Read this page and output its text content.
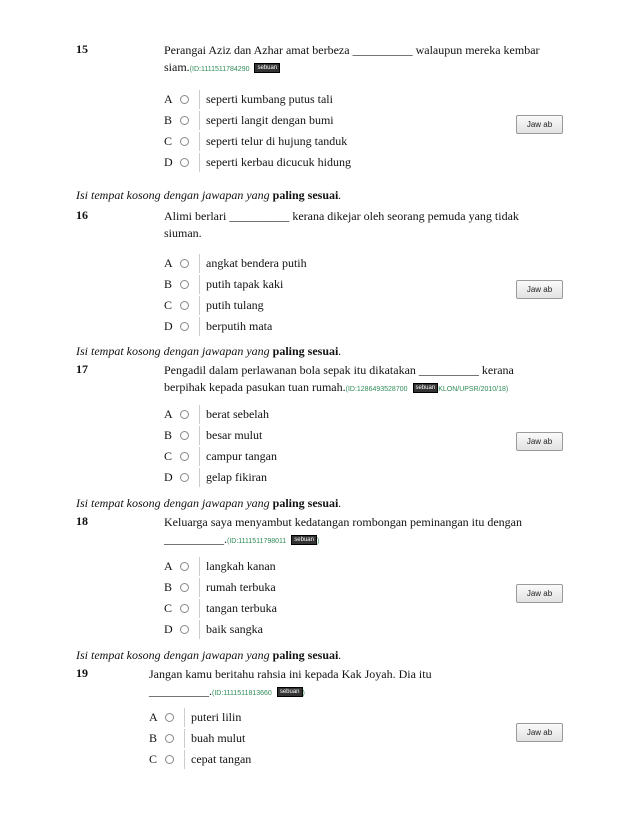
15	Perangai Aziz dan Azhar amat berbeza __________ walaupun mereka kembar
siam.(ID:1111511784290 sebuan
A	seperti kumbang putus tali
B	seperti langit dengan bumi
C	seperti telur di hujung tanduk
D	seperti kerbau dicucuk hidung
Jaw ab
Isi tempat kosong dengan jawapan yang paling sesuai.
16	Alimi berlari __________ kerana dikejar oleh seorang pemuda yang tidak
siuman.
A	angkat bendera putih
B	putih tapak kaki
C	putih tulang
D	berputih mata
Jaw ab
Isi tempat kosong dengan jawapan yang paling sesuai.
17	Pengadil dalam perlawanan bola sepak itu dikatakan __________ kerana
berpihak kepada pasukan tuan rumah.(ID:1286493528700 sebuan KLON/UPSR/2010/18)
A	berat sebelah
B	besar mulut
C	campur tangan
D	gelap fikiran
Jaw ab
Isi tempat kosong dengan jawapan yang paling sesuai.
18	Keluarga saya menyambut kedatangan rombongan peminangan itu dengan
__________.(ID:1111511798011 sebuan )
A	langkah kanan
B	rumah terbuka
C	tangan terbuka
D	baik sangka
Jaw ab
Isi tempat kosong dengan jawapan yang paling sesuai.
19	Jangan kamu beritahu rahsia ini kepada Kak Joyah. Dia itu
__________.(ID:1111511813660 sebuan )
A	puteri lilin
B	buah mulut
C	cepat tangan
Jaw ab
